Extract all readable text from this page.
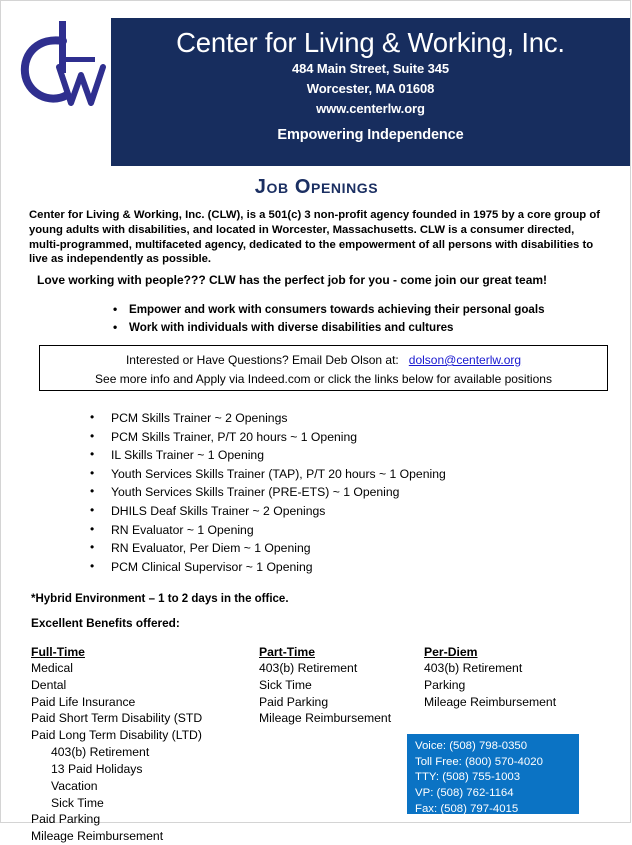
Center for Living & Working, Inc.
484 Main Street, Suite 345
Worcester, MA 01608
www.centerlw.org
Empowering Independence
Job Openings
Center for Living & Working, Inc. (CLW), is a 501(c) 3 non-profit agency founded in 1975 by a core group of young adults with disabilities, and located in Worcester, Massachusetts. CLW is a consumer directed, multi-programmed, multifaceted agency, dedicated to the empowerment of all persons with disabilities to live as independently as possible.
Love working with people??? CLW has the perfect job for you - come join our great team!
• Empower and work with consumers towards achieving their personal goals
• Work with individuals with diverse disabilities and cultures
Interested or Have Questions? Email Deb Olson at: dolson@centerlw.org
See more info and Apply via Indeed.com or click the links below for available positions
• PCM Skills Trainer ~ 2 Openings
• PCM Skills Trainer, P/T 20 hours ~ 1 Opening
• IL Skills Trainer ~ 1 Opening
• Youth Services Skills Trainer (TAP), P/T 20 hours ~ 1 Opening
• Youth Services Skills Trainer (PRE-ETS) ~ 1 Opening
• DHILS Deaf Skills Trainer ~ 2 Openings
• RN Evaluator ~ 1 Opening
• RN Evaluator, Per Diem ~ 1 Opening
• PCM Clinical Supervisor ~ 1 Opening
*Hybrid Environment – 1 to 2 days in the office.
Excellent Benefits offered:
Full-Time
Medical
Dental
Paid Life Insurance
Paid Short Term Disability (STD
Paid Long Term Disability (LTD)
403(b) Retirement
13 Paid Holidays
Vacation
Sick Time
Paid Parking
Mileage Reimbursement
Part-Time
403(b) Retirement
Sick Time
Paid Parking
Mileage Reimbursement
Per-Diem
403(b) Retirement
Parking
Mileage Reimbursement
Voice: (508) 798-0350
Toll Free: (800) 570-4020
TTY: (508) 755-1003
VP: (508) 762-1164
Fax: (508) 797-4015
